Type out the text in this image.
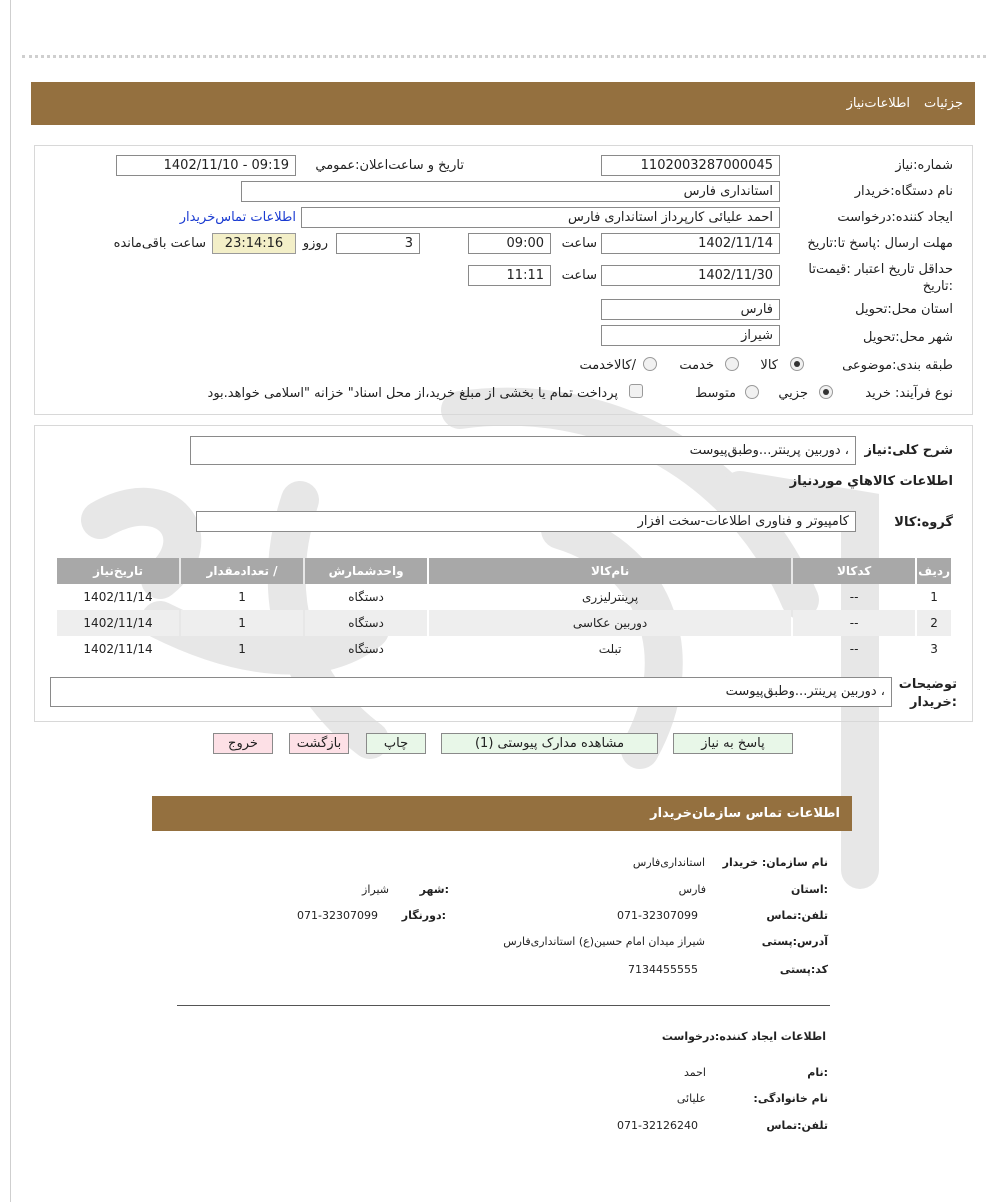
جزئیات
اطلاعات‌نیاز
شماره:نیاز
1102003287000045
تاریخ و ساعت‌اعلان:عمومي
1402/11/10 - 09:19
نام دستگاه:خریدار
استانداری فارس
ایجاد کننده:درخواست
احمد علیائی کارپرداز استانداری فارس
اطلاعات تماس‌خریدار
مهلت ارسال :پاسخ تا:تاریخ
1402/11/14
ساعت
09:00
3
روزو
23:14:16
ساعت باقی‌مانده
حداقل تاریخ اعتبار :قیمت‌تا :تاریخ
1402/11/30
ساعت
11:11
استان محل:تحویل
فارس
شهر محل:تحویل
شیراز
طبقه بندی:موضوعی
کالا
خدمت
/کالاخدمت
نوع فرآیند: خرید
جزيي
متوسط
پرداخت تمام یا بخشی از مبلغ خرید،از محل اسناد" خزانه "اسلامی خواهد.بود
شرح کلی:نیاز
، دوربین پرینتر...وطبق‌پیوست
اطلاعات کالاهاي موردنیاز
گروه:کالا
کامپیوتر و فناوری اطلاعات-سخت افزار
ردیف	کدکالا	نام‌کالا	واحدشمارش	/ تعدادمقدار	تاریخ‌نیاز
1	--	پرینترلیزری	دستگاه	1	1402/11/14
2	--	دوربین عکاسی	دستگاه	1	1402/11/14
3	--	تبلت	دستگاه	1	1402/11/14
توضیحات
:خریدار
، دوربین پرینتر...وطبق‌پیوست
پاسخ به نیاز
مشاهده مدارک پیوستی (1)
چاپ
بازگشت
خروج
اطلاعات تماس سازمان‌خریدار
نام سازمان: خریدار
استانداری‌فارس
:استان
فارس
:شهر
شیراز
تلفن:تماس
071-32307099
:دورنگار
071-32307099
آدرس:پستی
شیراز میدان امام حسین(ع) استانداری‌فارس
کد:پستی
7134455555
اطلاعات ایجاد کننده:درخواست
:نام
احمد
نام خانوادگی:
علیائی
تلفن:تماس
071-32126240
